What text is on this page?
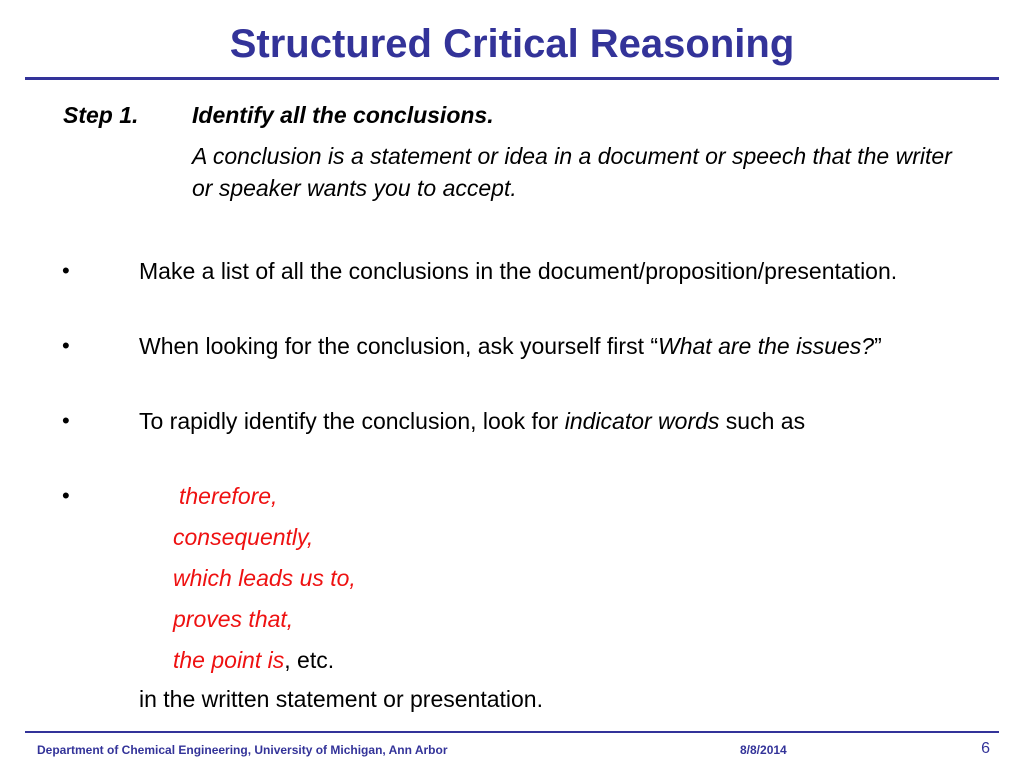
Structured Critical Reasoning
Step 1. Identify all the conclusions.
A conclusion is a statement or idea in a document or speech that the writer or speaker wants you to accept.
•	Make a list of all the conclusions in the document/proposition/presentation.
•	When looking for the conclusion, ask yourself first “What are the issues?”
•	To rapidly identify the conclusion, look for indicator words such as
•	therefore,
consequently,
which leads us to,
proves that,
the point is, etc.
in the written statement or presentation.
Department of Chemical Engineering, University of Michigan, Ann Arbor	8/8/2014	6
